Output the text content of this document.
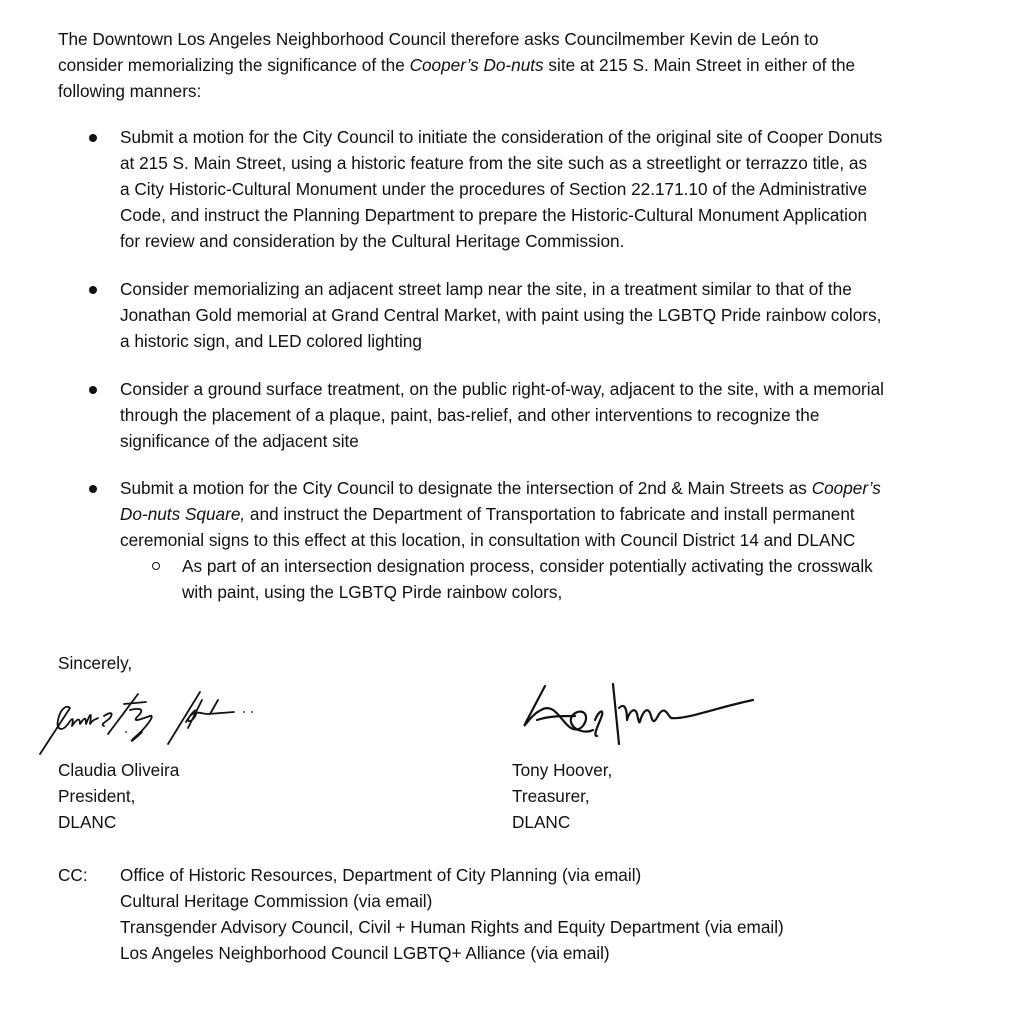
The Downtown Los Angeles Neighborhood Council therefore asks Councilmember Kevin de León to consider memorializing the significance of the Cooper’s Do-nuts site at 215 S. Main Street in either of the following manners:

Submit a motion for the City Council to initiate the consideration of the original site of Cooper Donuts at 215 S. Main Street, using a historic feature from the site such as a streetlight or terrazzo title, as a City Historic-Cultural Monument under the procedures of Section 22.171.10 of the Administrative Code, and instruct the Planning Department to prepare the Historic-Cultural Monument Application for review and consideration by the Cultural Heritage Commission.
Consider memorializing an adjacent street lamp near the site, in a treatment similar to that of the Jonathan Gold memorial at Grand Central Market, with paint using the LGBTQ Pride rainbow colors, a historic sign, and LED colored lighting
Consider a ground surface treatment, on the public right-of-way, adjacent to the site, with a memorial through the placement of a plaque, paint, bas-relief, and other interventions to recognize the significance of the adjacent site
Submit a motion for the City Council to designate the intersection of 2nd & Main Streets as Cooper’s Do-nuts Square, and instruct the Department of Transportation to fabricate and install permanent ceremonial signs to this effect at this location, in consultation with Council District 14 and DLANC
As part of an intersection designation process, consider potentially activating the crosswalk
with paint, using the LGBTQ Pirde rainbow colors,
Sincerely,
Claudia Oliveira
President,
DLANC
Tony Hoover,
Treasurer,
DLANC
CC: Office of Historic Resources, Department of City Planning (via email)
Cultural Heritage Commission (via email)
Transgender Advisory Council, Civil + Human Rights and Equity Department (via email)
Los Angeles Neighborhood Council LGBTQ+ Alliance (via email)
